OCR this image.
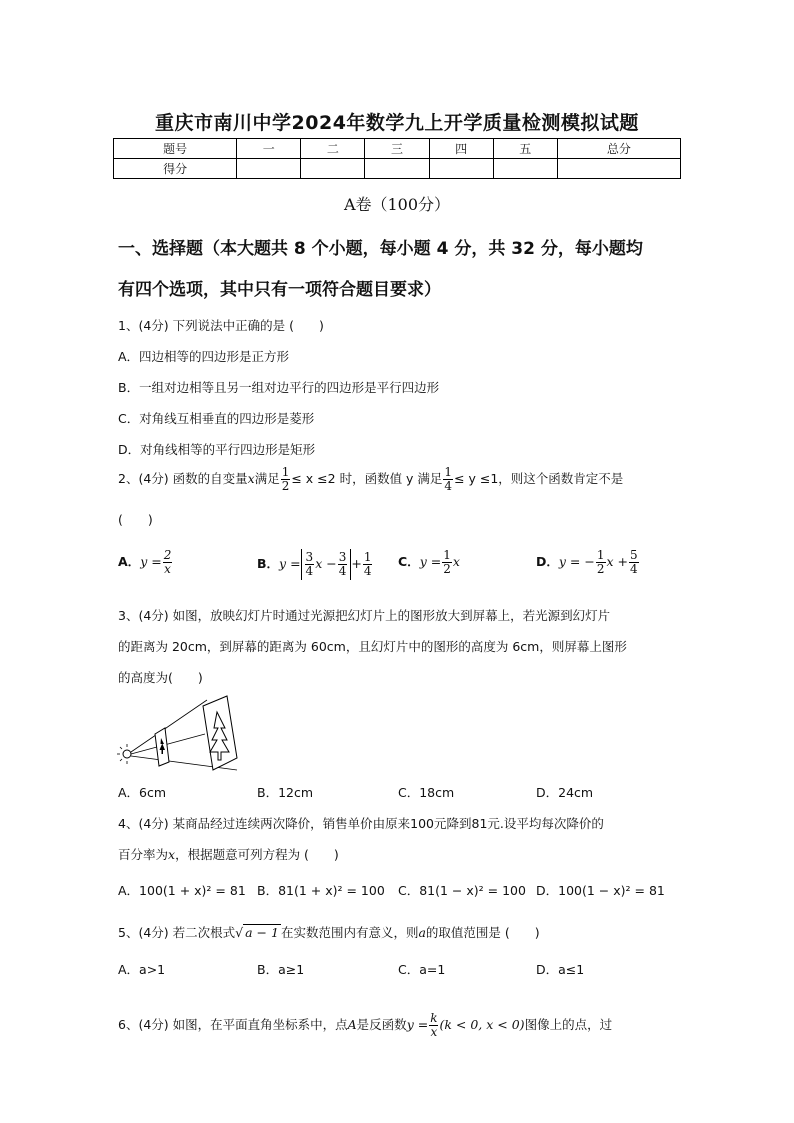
重庆市南川中学2024年数学九上开学质量检测模拟试题
题号	一	二	三	四	五	总分
得分						
A卷（100分）
一、选择题（本大题共 8 个小题，每小题 4 分，共 32 分，每小题均
有四个选项，其中只有一项符合题目要求）
1、(4分) 下列说法中正确的是 (　　)
A．四边相等的四边形是正方形
B．一组对边相等且另一组对边平行的四边形是平行四边形
C．对角线互相垂直的四边形是菱形
D．对角线相等的平行四边形是矩形
2、(4分) 函数的自变量x满足 $\frac{1}{2} \le x \le 2$ 时，函数值 y 满足 $\frac{1}{4} \le y \le 1$，则这个函数肯定不是
(　　)
A．$y = \frac{2}{x}$	B．$y = \frac{3}{4}$ $x - \frac{3}{4} + \frac{1}{4}$ C．$y = \frac{1}{2}$ x	D．y = − $\frac{1}{2}$ $x + \frac{5}{4}$
3、(4分) 如图，放映幻灯片时通过光源把幻灯片上的图形放大到屏幕上，若光源到幻灯片
的距离为 20cm，到屏幕的距离为 60cm，且幻灯片中的图形的高度为 6cm，则屏幕上图形
的高度为(　　)
A．6cm	B．12cm	C．18cm	D．24cm
4、(4分) 某商品经过连续两次降价，销售单价由原来100元降到81元.设平均每次降价的
百分率为x，根据题意可列方程为 (　　)
A．100(1 + x)² = 81 B．81(1 + x)² = 100 C．81(1 − x)² = 100 D．100(1 − x)² = 81
5、(4分) 若二次根式√ a − 1 在实数范围内有意义，则a的取值范围是 (　　)
A．a>1	B．a≥1	C．a=1	D．a≤1
6、(4分) 如图，在平面直角坐标系中，点A是反函数$y = \frac{k}{x} (k < 0$, x < 0)图像上的点，过
